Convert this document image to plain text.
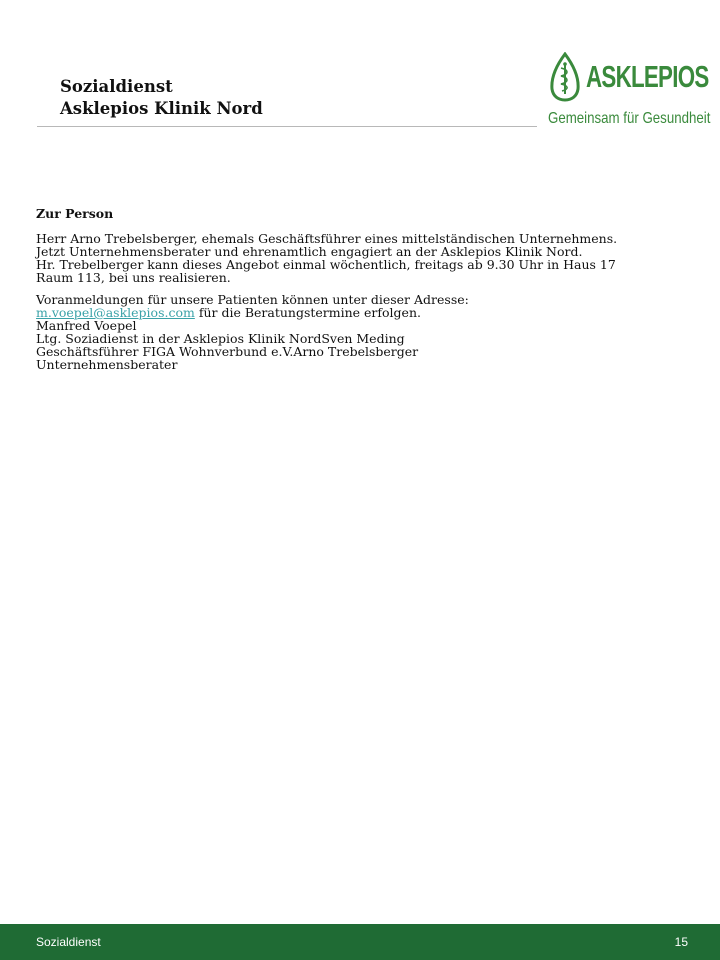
Sozialdienst
Asklepios Klinik Nord
ASKLEPIOS
Gemeinsam für Gesundheit
Zur Person

Herr Arno Trebelsberger, ehemals Geschäftsführer eines mittelständischen Unternehmens.
Jetzt Unternehmensberater und ehrenamtlich engagiert an der Asklepios Klinik Nord.
Hr. Trebelberger kann dieses Angebot einmal wöchentlich, freitags ab 9.30 Uhr in Haus 17
Raum 113, bei uns realisieren.

Voranmeldungen für unsere Patienten können unter dieser Adresse:
m.voepel@asklepios.com für die Beratungstermine erfolgen.
Manfred Voepel
Ltg. Soziadienst in der Asklepios Klinik NordSven Meding
Geschäftsführer FIGA Wohnverbund e.V.Arno Trebelsberger
Unternehmensberater

Sozialdienst	15
